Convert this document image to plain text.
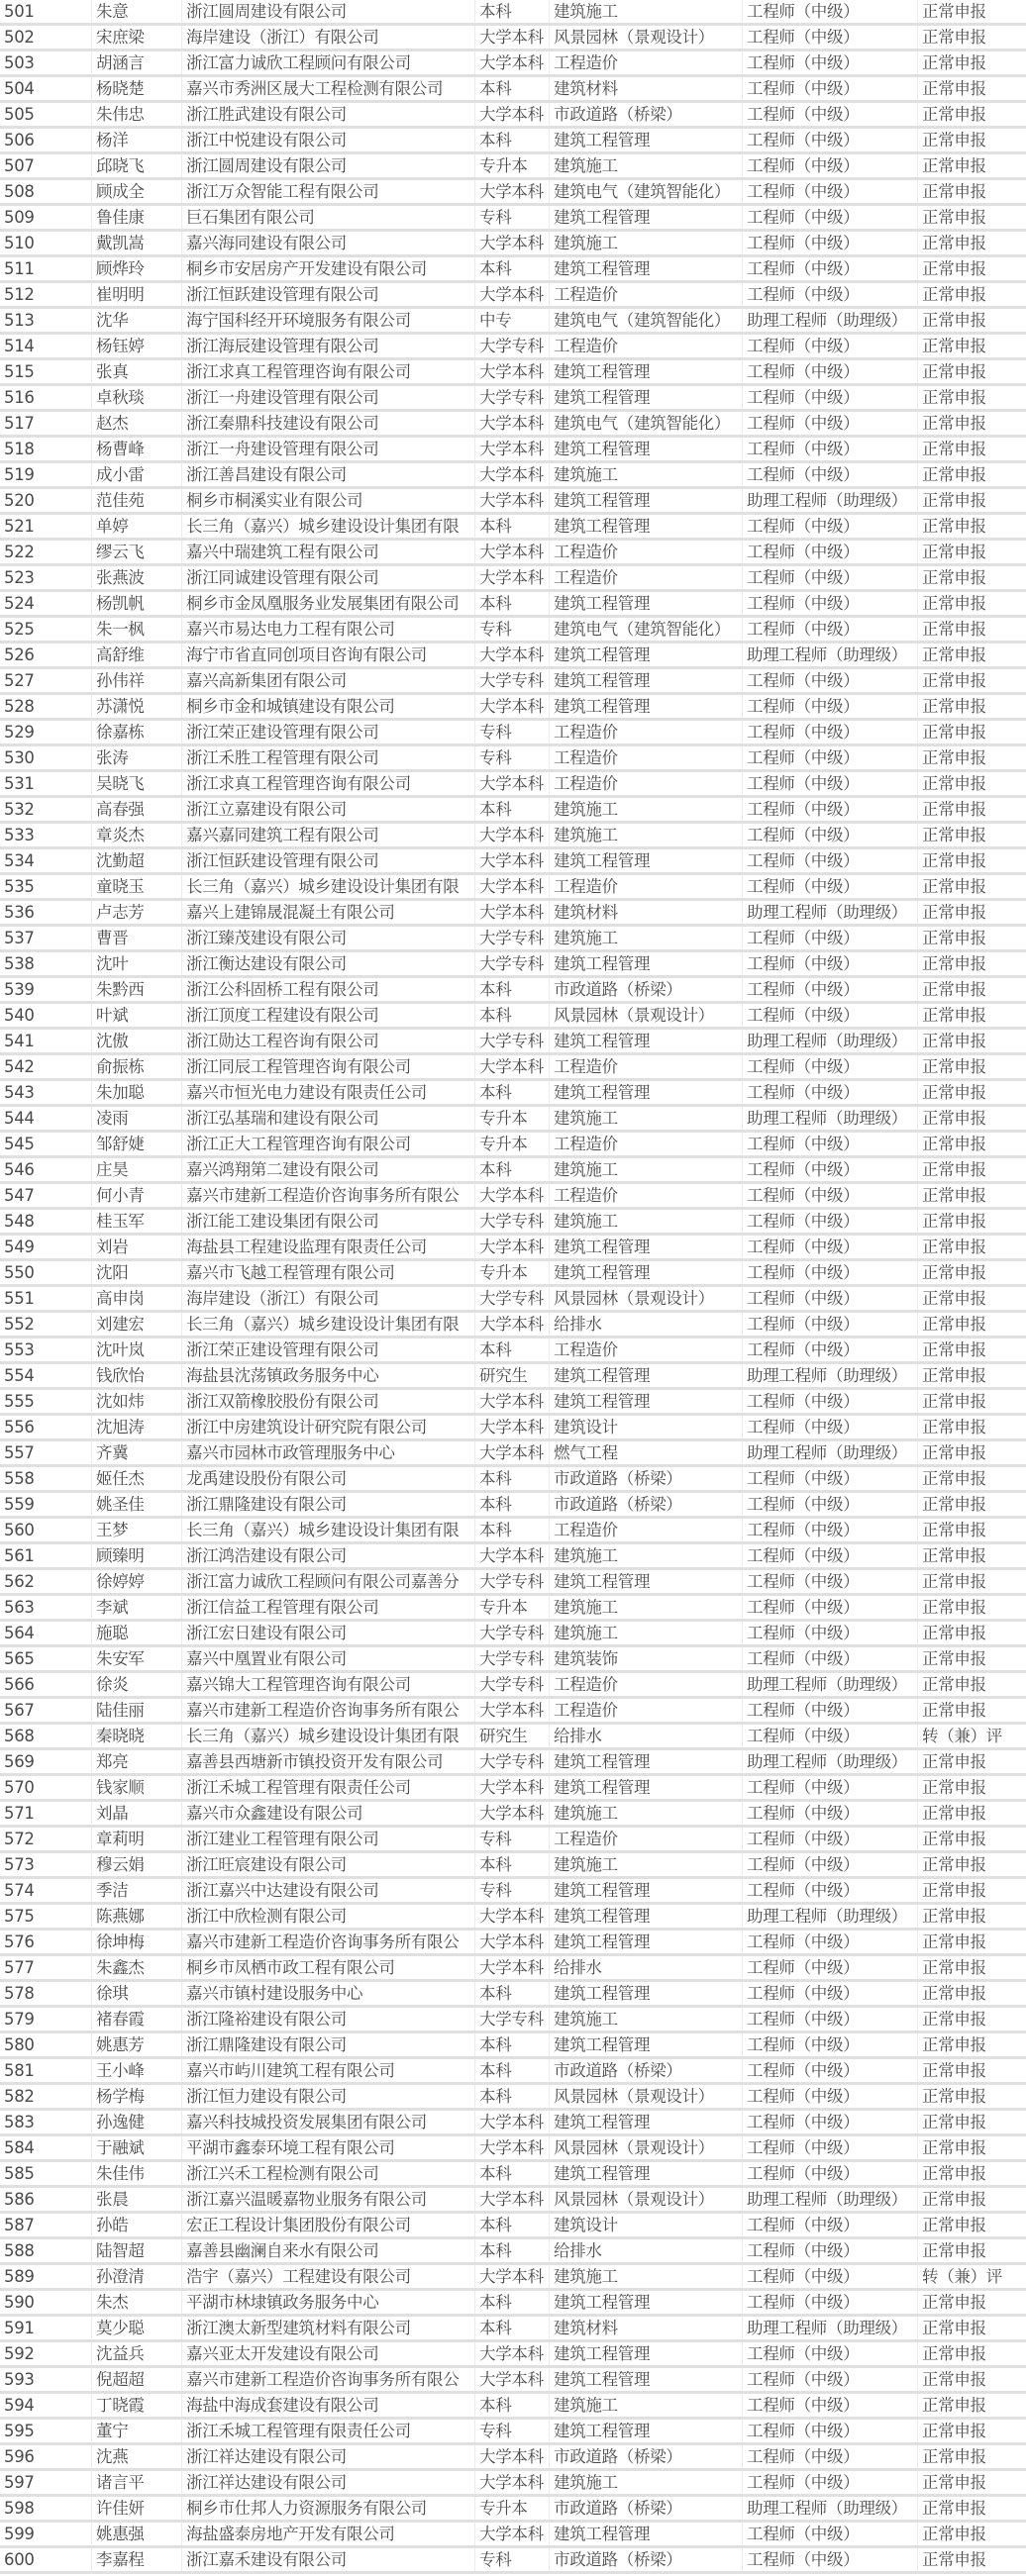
501	朱意	浙江圆周建设有限公司	本科	建筑施工	工程师（中级）	正常申报
502	宋庶梁	海岸建设（浙江）有限公司	大学本科 风景园林（景观设计）	工程师（中级）	正常申报
503	胡涵言	浙江富力诚欣工程顾问有限公司	大学本科 工程造价	工程师（中级）	正常申报
504	杨晓楚	嘉兴市秀洲区晟大工程检测有限公司	本科	建筑材料	工程师（中级）	正常申报
505	朱伟忠	浙江胜武建设有限公司	大学本科 市政道路（桥梁）	工程师（中级）	正常申报
506	杨洋	浙江中悦建设有限公司	本科	建筑工程管理	工程师（中级）	正常申报
507	邱晓飞	浙江圆周建设有限公司	专升本	建筑施工	工程师（中级）	正常申报
508	顾成全	浙江万众智能工程有限公司	大学本科 建筑电气（建筑智能化）	工程师（中级）	正常申报
509	鲁佳康	巨石集团有限公司	专科	建筑工程管理	工程师（中级）	正常申报
510	戴凯嵩	嘉兴海同建设有限公司	大学本科 建筑施工	工程师（中级）	正常申报
511	顾烨玲	桐乡市安居房产开发建设有限公司	本科	建筑工程管理	工程师（中级）	正常申报
512	崔明明	浙江恒跃建设管理有限公司	大学本科 工程造价	工程师（中级）	正常申报
513	沈华	海宁国科经开环境服务有限公司	中专	建筑电气（建筑智能化）	助理工程师（助理级） 正常申报
514	杨钰婷	浙江海辰建设管理有限公司	大学专科 工程造价	工程师（中级）	正常申报
515	张真	浙江求真工程管理咨询有限公司	大学本科 建筑工程管理	工程师（中级）	正常申报
516	卓秋琰	浙江一舟建设管理有限公司	大学专科 建筑工程管理	工程师（中级）	正常申报
517	赵杰	浙江秦鼎科技建设有限公司	大学本科 建筑电气（建筑智能化）	工程师（中级）	正常申报
518	杨曹峰	浙江一舟建设管理有限公司	大学本科 建筑工程管理	工程师（中级）	正常申报
519	成小雷	浙江善昌建设有限公司	大学本科 建筑施工	工程师（中级）	正常申报
520	范佳苑	桐乡市桐溪实业有限公司	大学本科 建筑工程管理	助理工程师（助理级） 正常申报
521	单婷	长三角（嘉兴）城乡建设设计集团有限	本科	建筑工程管理	工程师（中级）	正常申报
522	缪云飞	嘉兴中瑞建筑工程有限公司	大学本科 工程造价	工程师（中级）	正常申报
523	张燕波	浙江同诚建设管理有限公司	大学本科 工程造价	工程师（中级）	正常申报
524	杨凯帆	桐乡市金凤凰服务业发展集团有限公司	本科	建筑工程管理	工程师（中级）	正常申报
525	朱一枫	嘉兴市易达电力工程有限公司	专科	建筑电气（建筑智能化）	工程师（中级）	正常申报
526	高舒维	海宁市省直同创项目咨询有限公司	大学本科 建筑工程管理	助理工程师（助理级） 正常申报
527	孙伟祥	嘉兴高新集团有限公司	大学专科 建筑工程管理	工程师（中级）	正常申报
528	苏潇悦	桐乡市金和城镇建设有限公司	大学本科 建筑工程管理	工程师（中级）	正常申报
529	徐嘉栋	浙江荣正建设管理有限公司	专科	工程造价	工程师（中级）	正常申报
530	张涛	浙江禾胜工程管理有限公司	专科	工程造价	工程师（中级）	正常申报
531	吴晓飞	浙江求真工程管理咨询有限公司	大学本科 工程造价	工程师（中级）	正常申报
532	高春强	浙江立嘉建设有限公司	本科	建筑施工	工程师（中级）	正常申报
533	章炎杰	嘉兴嘉同建筑工程有限公司	大学本科 建筑施工	工程师（中级）	正常申报
534	沈勤超	浙江恒跃建设管理有限公司	大学本科 建筑工程管理	工程师（中级）	正常申报
535	童晓玉	长三角（嘉兴）城乡建设设计集团有限	大学本科 工程造价	工程师（中级）	正常申报
536	卢志芳	嘉兴上建锦晟混凝土有限公司	大学本科 建筑材料	助理工程师（助理级） 正常申报
537	曹晋	浙江臻茂建设有限公司	大学专科 建筑施工	工程师（中级）	正常申报
538	沈叶	浙江衡达建设有限公司	大学专科 建筑工程管理	工程师（中级）	正常申报
539	朱黔西	浙江公科固桥工程有限公司	本科	市政道路（桥梁）	工程师（中级）	正常申报
540	叶斌	浙江顶度工程建设有限公司	本科	风景园林（景观设计）	工程师（中级）	正常申报
541	沈傲	浙江勋达工程咨询有限公司	大学专科 建筑工程管理	助理工程师（助理级） 正常申报
542	俞振栋	浙江同辰工程管理咨询有限公司	大学本科 工程造价	工程师（中级）	正常申报
543	朱加聪	嘉兴市恒光电力建设有限责任公司	本科	建筑工程管理	工程师（中级）	正常申报
544	凌雨	浙江弘基瑞和建设有限公司	专升本	建筑施工	助理工程师（助理级） 正常申报
545	邹舒婕	浙江正大工程管理咨询有限公司	专升本	工程造价	工程师（中级）	正常申报
546	庄昊	嘉兴鸿翔第二建设有限公司	本科	建筑施工	工程师（中级）	正常申报
547	何小青	嘉兴市建新工程造价咨询事务所有限公	大学本科 工程造价	工程师（中级）	正常申报
548	桂玉军	浙江能工建设集团有限公司	大学专科 建筑施工	工程师（中级）	正常申报
549	刘岩	海盐县工程建设监理有限责任公司	大学本科 建筑工程管理	工程师（中级）	正常申报
550	沈阳	嘉兴市飞越工程管理有限公司	专升本	建筑工程管理	工程师（中级）	正常申报
551	高申岗	海岸建设（浙江）有限公司	大学专科 风景园林（景观设计）	工程师（中级）	正常申报
552	刘建宏	长三角（嘉兴）城乡建设设计集团有限	大学本科 给排水	工程师（中级）	正常申报
553	沈叶岚	浙江荣正建设管理有限公司	本科	工程造价	工程师（中级）	正常申报
554	钱欣怡	海盐县沈荡镇政务服务中心	研究生	建筑工程管理	助理工程师（助理级） 正常申报
555	沈如炜	浙江双箭橡胶股份有限公司	大学本科 建筑工程管理	工程师（中级）	正常申报
556	沈旭涛	浙江中房建筑设计研究院有限公司	大学本科 建筑设计	工程师（中级）	正常申报
557	齐冀	嘉兴市园林市政管理服务中心	大学本科 燃气工程	助理工程师（助理级） 正常申报
558	姬任杰	龙禹建设股份有限公司	本科	市政道路（桥梁）	工程师（中级）	正常申报
559	姚圣佳	浙江鼎隆建设有限公司	本科	市政道路（桥梁）	工程师（中级）	正常申报
560	王梦	长三角（嘉兴）城乡建设设计集团有限	本科	工程造价	工程师（中级）	正常申报
561	顾臻明	浙江鸿浩建设有限公司	大学本科 建筑施工	工程师（中级）	正常申报
562	徐婷婷	浙江富力诚欣工程顾问有限公司嘉善分	大学专科 建筑工程管理	工程师（中级）	正常申报
563	李斌	浙江信益工程管理有限公司	专升本	建筑施工	工程师（中级）	正常申报
564	施聪	浙江宏日建设有限公司	大学专科 建筑施工	工程师（中级）	正常申报
565	朱安军	嘉兴中凰置业有限公司	大学专科 建筑装饰	工程师（中级）	正常申报
566	徐炎	嘉兴锦大工程管理咨询有限公司	大学专科 工程造价	助理工程师（助理级） 正常申报
567	陆佳丽	嘉兴市建新工程造价咨询事务所有限公	大学本科 工程造价	工程师（中级）	正常申报
568	秦晓晓	长三角（嘉兴）城乡建设设计集团有限	研究生	给排水	工程师（中级）	转（兼）评
569	郑亮	嘉善县西塘新市镇投资开发有限公司	大学专科 建筑工程管理	助理工程师（助理级） 正常申报
570	钱家顺	浙江禾城工程管理有限责任公司	大学本科 建筑工程管理	工程师（中级）	正常申报
571	刘晶	嘉兴市众鑫建设有限公司	大学本科 建筑施工	工程师（中级）	正常申报
572	章莉明	浙江建业工程管理有限公司	专科	工程造价	工程师（中级）	正常申报
573	穆云娟	浙江旺宸建设有限公司	本科	建筑施工	工程师（中级）	正常申报
574	季洁	浙江嘉兴中达建设有限公司	专科	建筑工程管理	工程师（中级）	正常申报
575	陈燕娜	浙江中欣检测有限公司	大学本科 建筑工程管理	助理工程师（助理级） 正常申报
576	徐坤梅	嘉兴市建新工程造价咨询事务所有限公	大学本科 建筑工程管理	工程师（中级）	正常申报
577	朱鑫杰	桐乡市凤栖市政工程有限公司	大学本科 给排水	工程师（中级）	正常申报
578	徐琪	嘉兴市镇村建设服务中心	本科	建筑工程管理	工程师（中级）	正常申报
579	褚春霞	浙江隆裕建设有限公司	大学专科 建筑施工	工程师（中级）	正常申报
580	姚惠芳	浙江鼎隆建设有限公司	本科	建筑工程管理	工程师（中级）	正常申报
581	王小峰	嘉兴市屿川建筑工程有限公司	本科	市政道路（桥梁）	工程师（中级）	正常申报
582	杨学梅	浙江恒力建设有限公司	本科	风景园林（景观设计）	工程师（中级）	正常申报
583	孙逸健	嘉兴科技城投资发展集团有限公司	大学本科 建筑工程管理	工程师（中级）	正常申报
584	于融斌	平湖市鑫泰环境工程有限公司	大学本科 风景园林（景观设计）	工程师（中级）	正常申报
585	朱佳伟	浙江兴禾工程检测有限公司	本科	建筑工程管理	工程师（中级）	正常申报
586	张晨	浙江嘉兴温暖嘉物业服务有限公司	大学本科 风景园林（景观设计）	助理工程师（助理级） 正常申报
587	孙皓	宏正工程设计集团股份有限公司	本科	建筑设计	工程师（中级）	正常申报
588	陆智超	嘉善县幽澜自来水有限公司	本科	给排水	工程师（中级）	正常申报
589	孙澄清	浩宇（嘉兴）工程建设有限公司	大学本科 建筑施工	工程师（中级）	转（兼）评
590	朱杰	平湖市林埭镇政务服务中心	本科	建筑工程管理	工程师（中级）	正常申报
591	莫少聪	浙江澳太新型建筑材料有限公司	本科	建筑材料	助理工程师（助理级） 正常申报
592	沈益兵	嘉兴亚太开发建设有限公司	大学本科 建筑工程管理	工程师（中级）	正常申报
593	倪超超	嘉兴市建新工程造价咨询事务所有限公	大学本科 建筑工程管理	工程师（中级）	正常申报
594	丁晓霞	海盐中海成套建设有限公司	本科	建筑施工	工程师（中级）	正常申报
595	董宁	浙江禾城工程管理有限责任公司	专科	建筑工程管理	工程师（中级）	正常申报
596	沈燕	浙江祥达建设有限公司	大学本科 市政道路（桥梁）	工程师（中级）	正常申报
597	诸言平	浙江祥达建设有限公司	大学本科 建筑施工	工程师（中级）	正常申报
598	许佳妍	桐乡市仕邦人力资源服务有限公司	专升本	市政道路（桥梁）	助理工程师（助理级） 正常申报
599	姚惠强	海盐盛泰房地产开发有限公司	大学本科 建筑工程管理	工程师（中级）	正常申报
600	李嘉程	浙江嘉禾建设有限公司	专科	市政道路（桥梁）	工程师（中级）	正常申报
